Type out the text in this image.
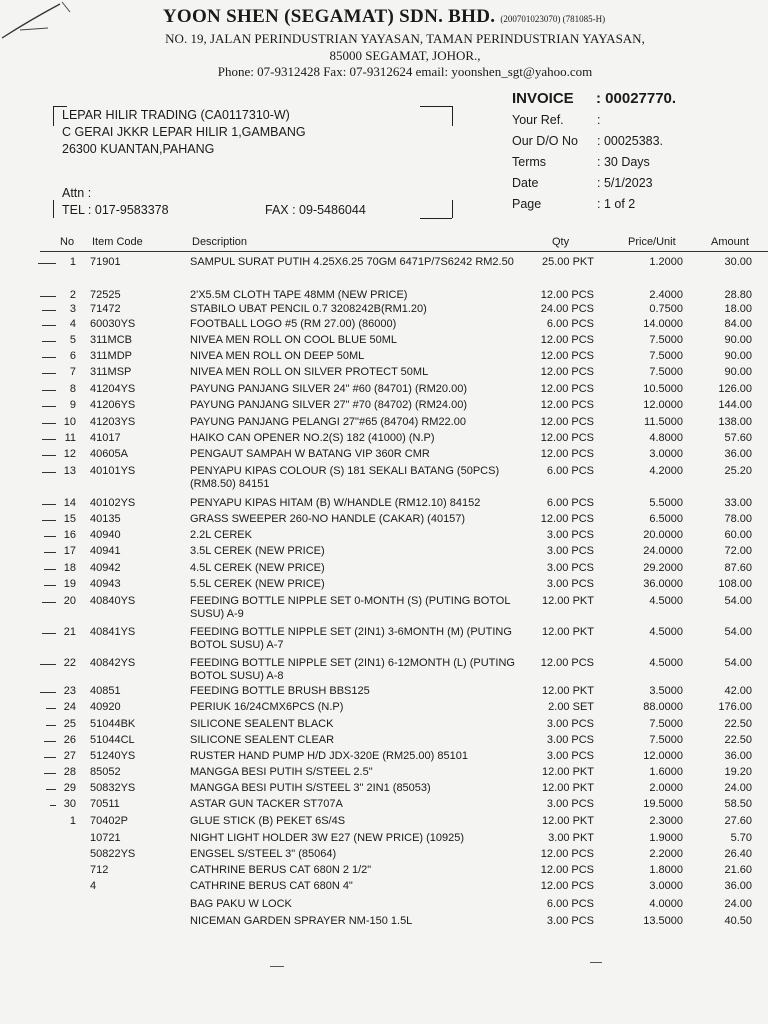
YOON SHEN (SEGAMAT) SDN. BHD. (200701023070) (781085-H)
NO. 19, JALAN PERINDUSTRIAN YAYASAN, TAMAN PERINDUSTRIAN YAYASAN,
85000 SEGAMAT, JOHOR.,
Phone: 07-9312428 Fax: 07-9312624 email: yoonshen_sgt@yahoo.com
LEPAR HILIR TRADING (CA0117310-W)
C GERAI JKKR LEPAR HILIR 1,GAMBANG
26300 KUANTAN,PAHANG
Attn :
TEL : 017-9583378	FAX : 09-5486044
INVOICE : 00027770.
Your Ref.	:
Our D/O No : 00025383.
Terms	: 30 Days
Date	: 5/1/2023
Page	: 1 of 2
No Item Code	Description	Qty	Price/Unit	Amount
1 71901	SAMPUL SURAT PUTIH 4.25X6.25 70GM 6471P/7S6242 RM2.50	25.00 PKT	1.2000	30.00
2 72525	2'X5.5M CLOTH TAPE 48MM (NEW PRICE)	12.00 PCS	2.4000	28.80
3 71472	STABILO UBAT PENCIL 0.7 3208242B(RM1.20)	24.00 PCS	0.7500	18.00
4 60030YS	FOOTBALL LOGO #5 (RM 27.00) (86000)	6.00 PCS	14.0000	84.00
5 311MCB	NIVEA MEN ROLL ON COOL BLUE 50ML	12.00 PCS	7.5000	90.00
6 311MDP	NIVEA MEN ROLL ON DEEP 50ML	12.00 PCS	7.5000	90.00
7 311MSP	NIVEA MEN ROLL ON SILVER PROTECT 50ML	12.00 PCS	7.5000	90.00
8 41204YS	PAYUNG PANJANG SILVER 24" #60 (84701) (RM20.00)	12.00 PCS	10.5000	126.00
9 41206YS	PAYUNG PANJANG SILVER 27" #70 (84702) (RM24.00)	12.00 PCS	12.0000	144.00
10 41203YS	PAYUNG PANJANG PELANGI 27"#65 (84704) RM22.00	12.00 PCS	11.5000	138.00
11 41017	HAIKO CAN OPENER NO.2(S) 182 (41000) (N.P)	12.00 PCS	4.8000	57.60
12 40605A	PENGAUT SAMPAH W BATANG VIP 360R CMR	12.00 PCS	3.0000	36.00
13 40101YS	PENYAPU KIPAS COLOUR (S) 181 SEKALI BATANG (50PCS) (RM8.50) 84151
6.00 PCS	4.2000	25.20
14 40102YS	PENYAPU KIPAS HITAM (B) W/HANDLE (RM12.10) 84152	6.00 PCS	5.5000	33.00
15 40135	GRASS SWEEPER 260-NO HANDLE (CAKAR) (40157)	12.00 PCS	6.5000	78.00
16 40940	2.2L CEREK	3.00 PCS	20.0000	60.00
17 40941	3.5L CEREK (NEW PRICE)	3.00 PCS	24.0000	72.00
18 40942	4.5L CEREK (NEW PRICE)	3.00 PCS	29.2000	87.60
19 40943	5.5L CEREK (NEW PRICE)	3.00 PCS	36.0000	108.00
20 40840YS	FEEDING BOTTLE NIPPLE SET 0-MONTH (S) (PUTING BOTOL SUSU) A-9
12.00 PKT	4.5000	54.00
21 40841YS	FEEDING BOTTLE NIPPLE SET (2IN1) 3-6MONTH (M) (PUTING BOTOL SUSU) A-7
12.00 PKT	4.5000	54.00
22 40842YS	FEEDING BOTTLE NIPPLE SET (2IN1) 6-12MONTH (L) (PUTING BOTOL SUSU) A-8
12.00 PCS	4.5000	54.00
23 40851	FEEDING BOTTLE BRUSH BBS125	12.00 PKT	3.5000	42.00
24 40920	PERIUK 16/24CMX6PCS (N.P)	2.00 SET	88.0000	176.00
25 51044BK	SILICONE SEALENT BLACK	3.00 PCS	7.5000	22.50
26 51044CL	SILICONE SEALENT CLEAR	3.00 PCS	7.5000	22.50
27 51240YS	RUSTER HAND PUMP H/D JDX-320E (RM25.00) 85101	3.00 PCS	12.0000	36.00
28 85052	MANGGA BESI PUTIH S/STEEL 2.5"	12.00 PKT	1.6000	19.20
29 50832YS	MANGGA BESI PUTIH S/STEEL 3" 2IN1 (85053)	12.00 PKT	2.0000	24.00
30 70511	ASTAR GUN TACKER ST707A	3.00 PCS	19.5000	58.50
1 70402P	GLUE STICK (B) PEKET 6S/4S	12.00 PKT	2.3000	27.60
10721	NIGHT LIGHT HOLDER 3W E27 (NEW PRICE) (10925)	3.00 PKT	1.9000	5.70
50822YS	ENGSEL S/STEEL 3" (85064)	12.00 PCS	2.2000	26.40
712	CATHRINE BERUS CAT 680N 2 1/2"	12.00 PCS	1.8000	21.60
4	CATHRINE BERUS CAT 680N 4"	12.00 PCS	3.0000	36.00
BAG PAKU W LOCK	6.00 PCS	4.0000	24.00
NICEMAN GARDEN SPRAYER NM-150 1.5L	3.00 PCS	13.5000	40.50
